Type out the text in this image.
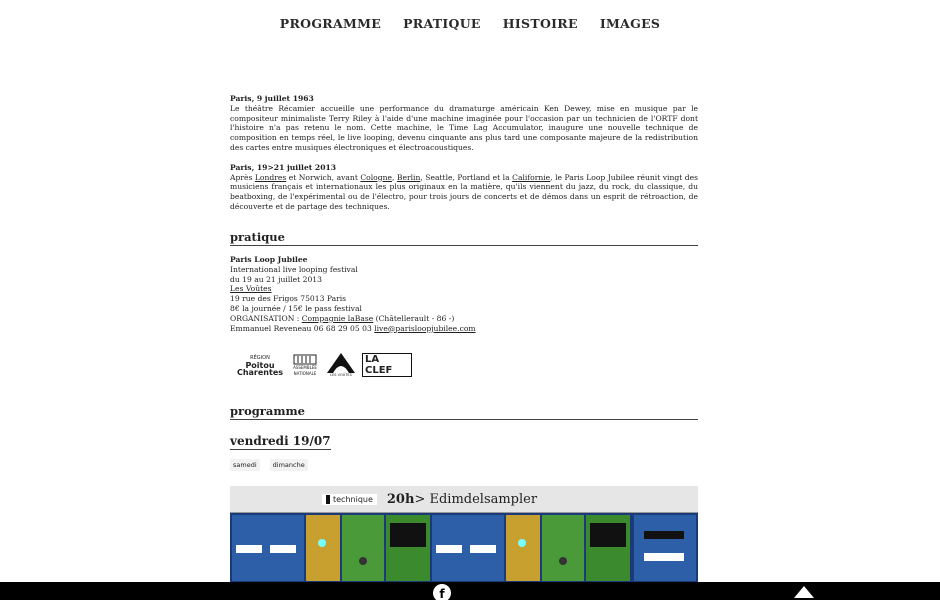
PROGRAMME PRATIQUE HISTOIRE IMAGES

Paris, 9 juillet 1963
Le théâtre Récamier accueille une performance du dramaturge américain Ken Dewey, mise en musique par le compositeur minimaliste Terry Riley à l'aide d'une machine imaginée pour l'occasion par un technicien de l'ORTF dont l'histoire n'a pas retenu le nom. Cette machine, le Time Lag Accumulator, inaugure une nouvelle technique de composition en temps réel, le live looping, devenu cinquante ans plus tard une composante majeure de la redistribution des cartes entre musiques électroniques et électroacoustiques.

Paris, 19>21 juillet 2013
Après Londres et Norwich, avant Cologne, Berlin, Seattle, Portland et la Californie, le Paris Loop Jubilee réunit vingt des musiciens français et internationaux les plus originaux en la matière, qu'ils viennent du jazz, du rock, du classique, du beatboxing, de l'expérimental ou de l'électro, pour trois jours de concerts et de démos dans un esprit de rétroaction, de découverte et de partage des techniques.

pratique
Paris Loop Jubilee
International live looping festival
du 19 au 21 juillet 2013
Les Voûtes
19 rue des Frigos 75013 Paris
8€ la journée / 15€ le pass festival
ORGANISATION : Compagnie laBase (Châtellerault - 86 -)
Emmanuel Reveneau 06 68 29 05 03 live@parisloopjubilee.com
RÉGION
Poitou
Charentes	ASSEMBLÉE
NATIONALE	LES VOÛTES
LA CLEF
programme
vendredi 19/07
samedi	dimanche
technique 20h> Edimdelsampler
f
